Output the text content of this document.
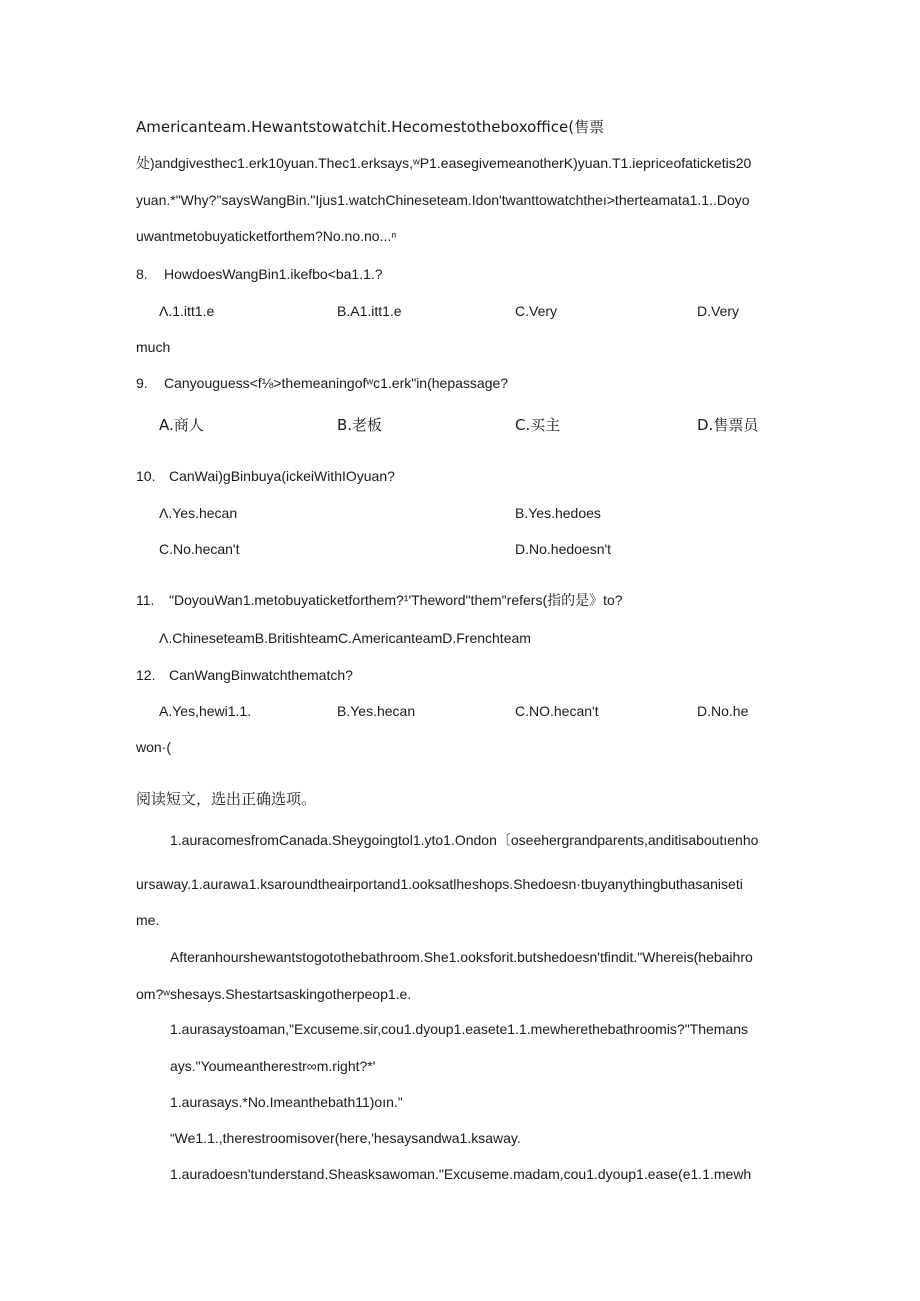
Americanteam.Hewantstowatchit.Hecomestotheboxoffice(售票
处)andgivesthec1.erk10yuan.Thec1.erksays,ʷP1.easegivemeanotherK)yuan.T1.iepriceofaticketis20
yuan.*"Why?"saysWangBin."Ijus1.watchChineseteam.Idon'twanttowatchtheı>therteamata1.1..Doyo
uwantmetobuyaticketforthem?No.no.no...ⁿ
8. HowdoesWangBin1.ikefbo<ba1.1.?
Λ.1.itt1.e	B.A1.itt1.e	C.Very	D.Very
much
9. Canyouguess<f⅛>themeaningofʷc1.erk"in(hepassage?
A.商人	B.老板	C.买主	D.售票员
10. CanWai)gBinbuya(ickeiWithIOyuan?
Λ.Yes.hecan	B.Yes.hedoes
C.No.hecan't	D.No.hedoesn't
11. "DoyouWan1.metobuyaticketforthem?¹'Theword"them"refers(指的是》to?
Λ.ChineseteamB.BritishteamC.AmericanteamD.Frenchteam
12. CanWangBinwatchthematch?
A.Yes,hewi1.1.	B.Yes.hecan	C.NO.hecan't	D.No.he
won·(
阅读短文，选出正确选项。
1.auracomesfromCanada.Sheygoingtol1.yto1.Ondon〔oseehergrandparents,anditisaboutıenho
ursaway.1.aurawa1.ksaroundtheairportand1.ooksatlheshops.Shedoesn·tbuyanythingbuthasaniseti
me.
Afteranhourshewantstogotothebathroom.She1.ooksforit.butshedoesn'tfindit."Whereis(hebaihro
om?ʷshesays.Shestartsaskingotherpeop1.e.
1.aurasaystoaman,"Excuseme.sir,cou1.dyoup1.easete1.1.mewherethebathroomis?"Themans
ays."Youmeantherestr∞m.right?*'
1.aurasays.*No.Imeanthebath11)oın."
“We1.1.,therestroomisover(here,'hesaysandwa1.ksaway.
1.auradoesn'tunderstand.Sheasksawoman."Excuseme.madam,cou1.dyoup1.ease(e1.1.mewh
